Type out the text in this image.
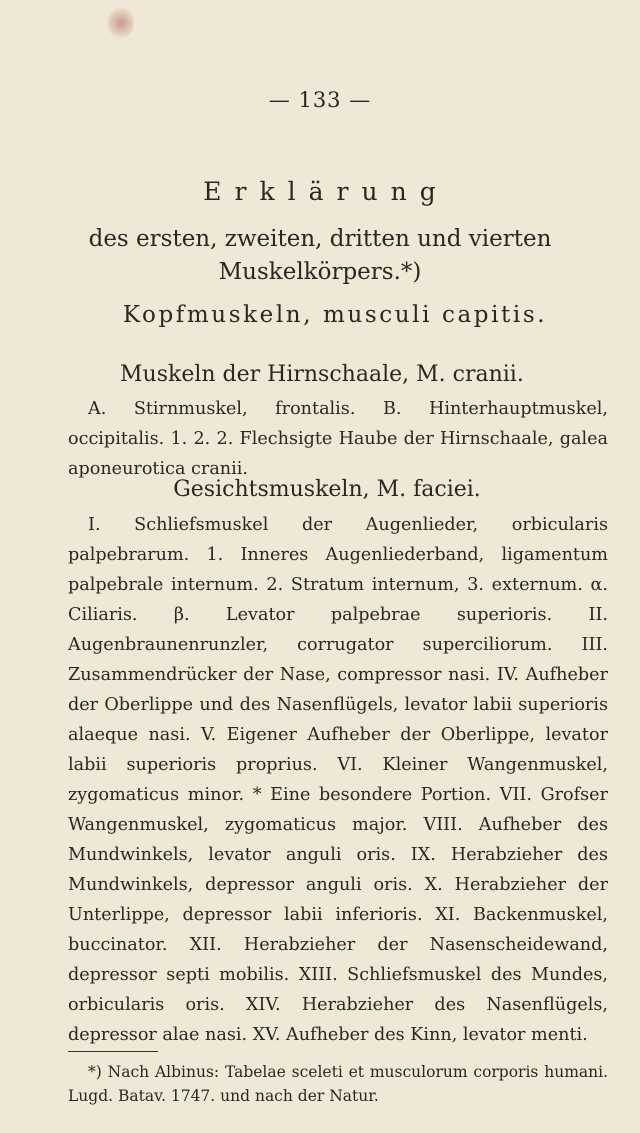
— 133 —
Erklärung
des ersten, zweiten, dritten und vierten
Muskelkörpers.*)
Kopfmuskeln, musculi capitis.
Muskeln der Hirnschaale, M. cranii.
A. Stirnmuskel, frontalis. B. Hinterhauptmuskel, occipitalis. 1. 2. 2. Flechsigte Haube der Hirnschaale, galea aponeurotica cranii.
Gesichtsmuskeln, M. faciei.
I. Schliefsmuskel der Augenlieder, orbicularis palpebrarum. 1. Inneres Augenliederband, ligamentum palpebrale internum. 2. Stratum internum, 3. externum. α. Ciliaris. β. Levator palpebrae superioris. II. Augenbraunenrunzler, corrugator superciliorum. III. Zusammendrücker der Nase, compressor nasi. IV. Aufheber der Oberlippe und des Nasenflügels, levator labii superioris alaeque nasi. V. Eigener Aufheber der Oberlippe, levator labii superioris proprius. VI. Kleiner Wangenmuskel, zygomaticus minor. * Eine besondere Portion. VII. Grofser Wangenmuskel, zygomaticus major. VIII. Aufheber des Mundwinkels, levator anguli oris. IX. Herabzieher des Mundwinkels, depressor anguli oris. X. Herabzieher der Unterlippe, depressor labii inferioris. XI. Backenmuskel, buccinator. XII. Herabzieher der Nasenscheidewand, depressor septi mobilis. XIII. Schliefsmuskel des Mundes, orbicularis oris. XIV. Herabzieher des Nasenflügels, depressor alae nasi. XV. Aufheber des Kinn, levator menti.
*) Nach Albinus: Tabelae sceleti et musculorum corporis humani. Lugd. Batav. 1747. und nach der Natur.
